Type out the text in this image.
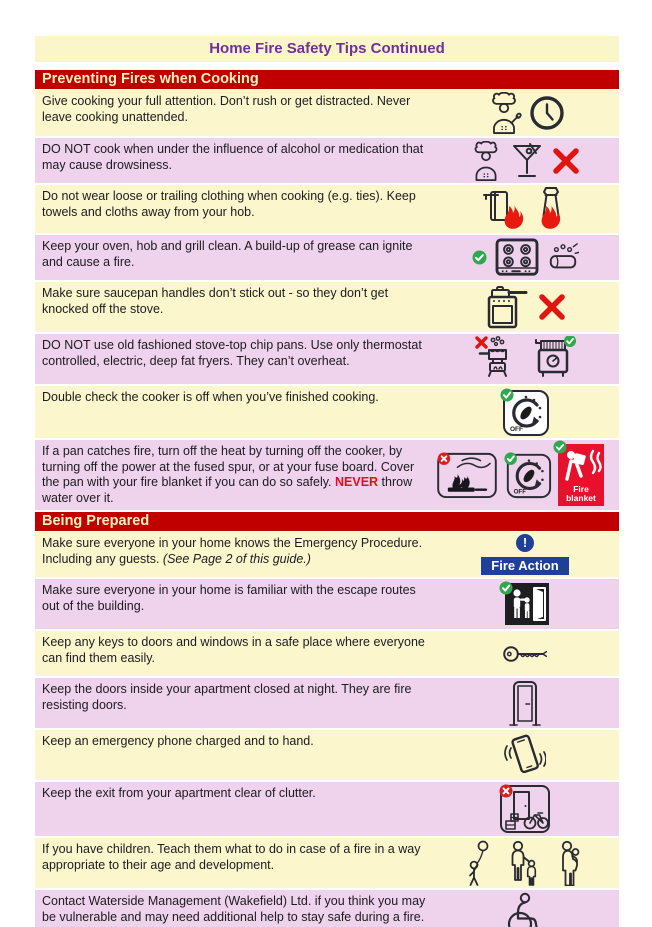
Home Fire Safety Tips Continued
Preventing Fires when Cooking

Give cooking your full attention. Don’t rush or get distracted. Never leave cooking unattended.

DO NOT cook when under the influence of alcohol or medication that may cause drowsiness.

Do not wear loose or trailing clothing when cooking (e.g. ties). Keep towels and cloths away from your hob.

Keep your oven, hob and grill clean. A build-up of grease can ignite and cause a fire.

Make sure saucepan handles don’t stick out - so they don’t get knocked off the stove.

DO NOT use old fashioned stove-top chip pans. Use only thermostat controlled, electric, deep fat fryers. They can’t overheat.

Double check the cooker is off when you’ve finished cooking.

OFF

If a pan catches fire, turn off the heat by turning off the cooker, by turning off the power at the fused spur, or at your fuse board. Cover the pan with your fire blanket if you can do so safely. NEVER throw water over it.	OFF	Fire blanket
Being Prepared

Make sure everyone in your home knows the Emergency Procedure. Including any guests. (See Page 2 of this guide.)

!
Fire Action

Make sure everyone in your home is familiar with the escape routes out of the building.

Keep any keys to doors and windows in a safe place where everyone can find them easily.

Keep the doors inside your apartment closed at night. They are fire resisting doors.

Keep an emergency phone charged and to hand.

Keep the exit from your apartment clear of clutter.

If you have children. Teach them what to do in case of a fire in a way appropriate to their age and development.

Contact Waterside Management (Wakefield) Ltd. if you think you may be vulnerable and may need additional help to stay safe during a fire.
